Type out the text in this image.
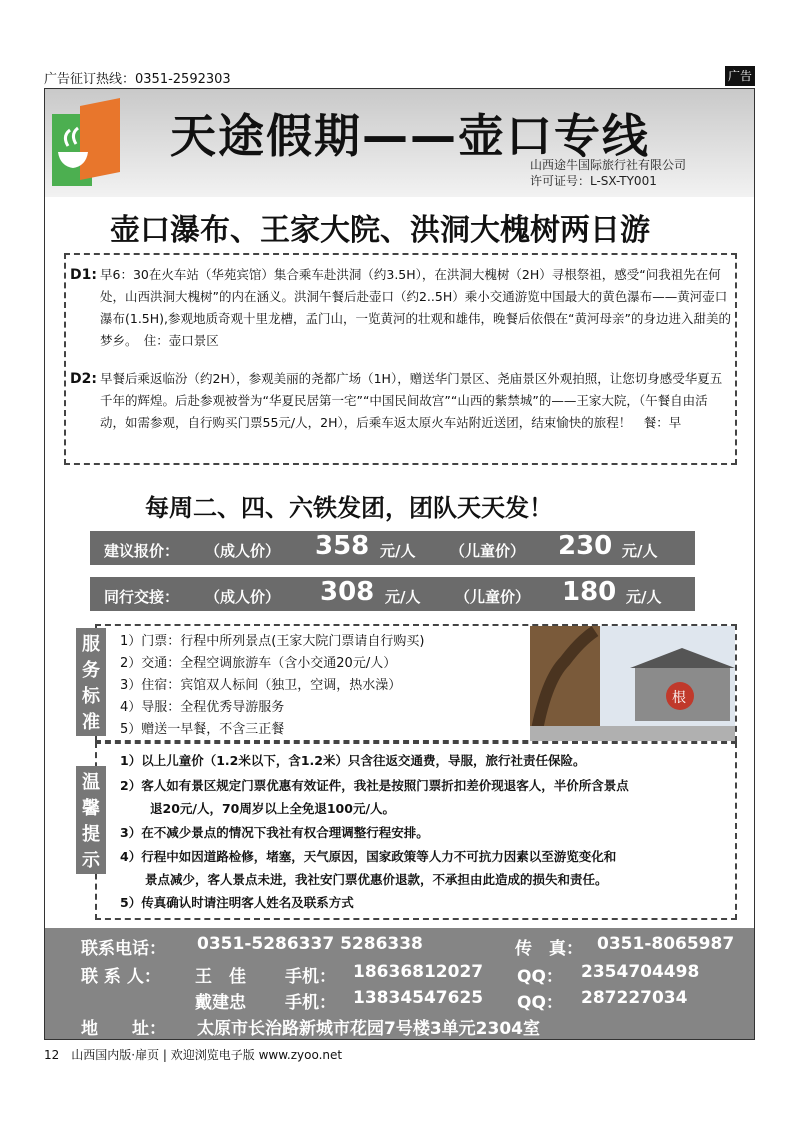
广告征订热线：0351-2592303	广告
天途假期——壶口专线
山西途牛国际旅行社有限公司
许可证号：L-SX-TY001
壶口瀑布、王家大院、洪洞大槐树两日游
D1: 早6：30在火车站（华苑宾馆）集合乘车赴洪洞（约3.5H），在洪洞大槐树（2H）寻根祭祖，感受“问我祖先在何处，山西洪洞大槐树”的内在涵义。洪洞午餐后赴壶口（约2..5H）乘小交通游览中国最大的黄色瀑布——黄河壶口瀑布(1.5H),参观地质奇观十里龙槽，孟门山，一览黄河的壮观和雄伟，晚餐后依偎在“黄河母亲”的身边进入甜美的梦乡。　住：壶口景区
D2: 早餐后乘返临汾（约2H），参观美丽的尧都广场（1H），赠送华门景区、尧庙景区外观拍照，让您切身感受华夏五千年的辉煌。后赴参观被誉为“华夏民居第一宅”“中国民间故宫”“山西的紫禁城”的——王家大院，（午餐自由活动，如需参观，自行购买门票55元/人，2H），后乘车返太原火车站附近送团，结束愉快的旅程！　餐：早
每周二、四、六铁发团，团队天天发！
建议报价： （成人价） 358 元/人 （儿童价） 230 元/人
同行交接： （成人价） 308 元/人 （儿童价） 180 元/人
服务标准
1）门票：行程中所列景点(王家大院门票请自行购买)
2）交通：全程空调旅游车（含小交通20元/人）
3）住宿：宾馆双人标间（独卫，空调，热水澡）
4）导服：全程优秀导游服务
5）赠送一早餐，不含三正餐
根
温馨提示
1）以上儿童价（1.2米以下，含1.2米）只含往返交通费，导服，旅行社责任保险。
2）客人如有景区规定门票优惠有效证件，我社是按照门票折扣差价现退客人，半价所含景点
退20元/人，70周岁以上全免退100元/人。
3）在不减少景点的情况下我社有权合理调整行程安排。
4）行程中如因道路检修，堵塞，天气原因，国家政策等人力不可抗力因素以至游览变化和
景点减少，客人景点未进，我社安门票优惠价退款，不承担由此造成的损失和责任。
5）传真确认时请注明客人姓名及联系方式
联系电话： 0351-5286337 5286338	传　真： 0351-8065987
联 系 人： 王　佳 手机： 18636812027 QQ： 2354704498
戴建忠 手机： 13834547625 QQ： 287227034
地　　址： 太原市长治路新城市花园7号楼3单元2304室
12　山西国内版·扉页 | 欢迎浏览电子版 www.zyoo.net
